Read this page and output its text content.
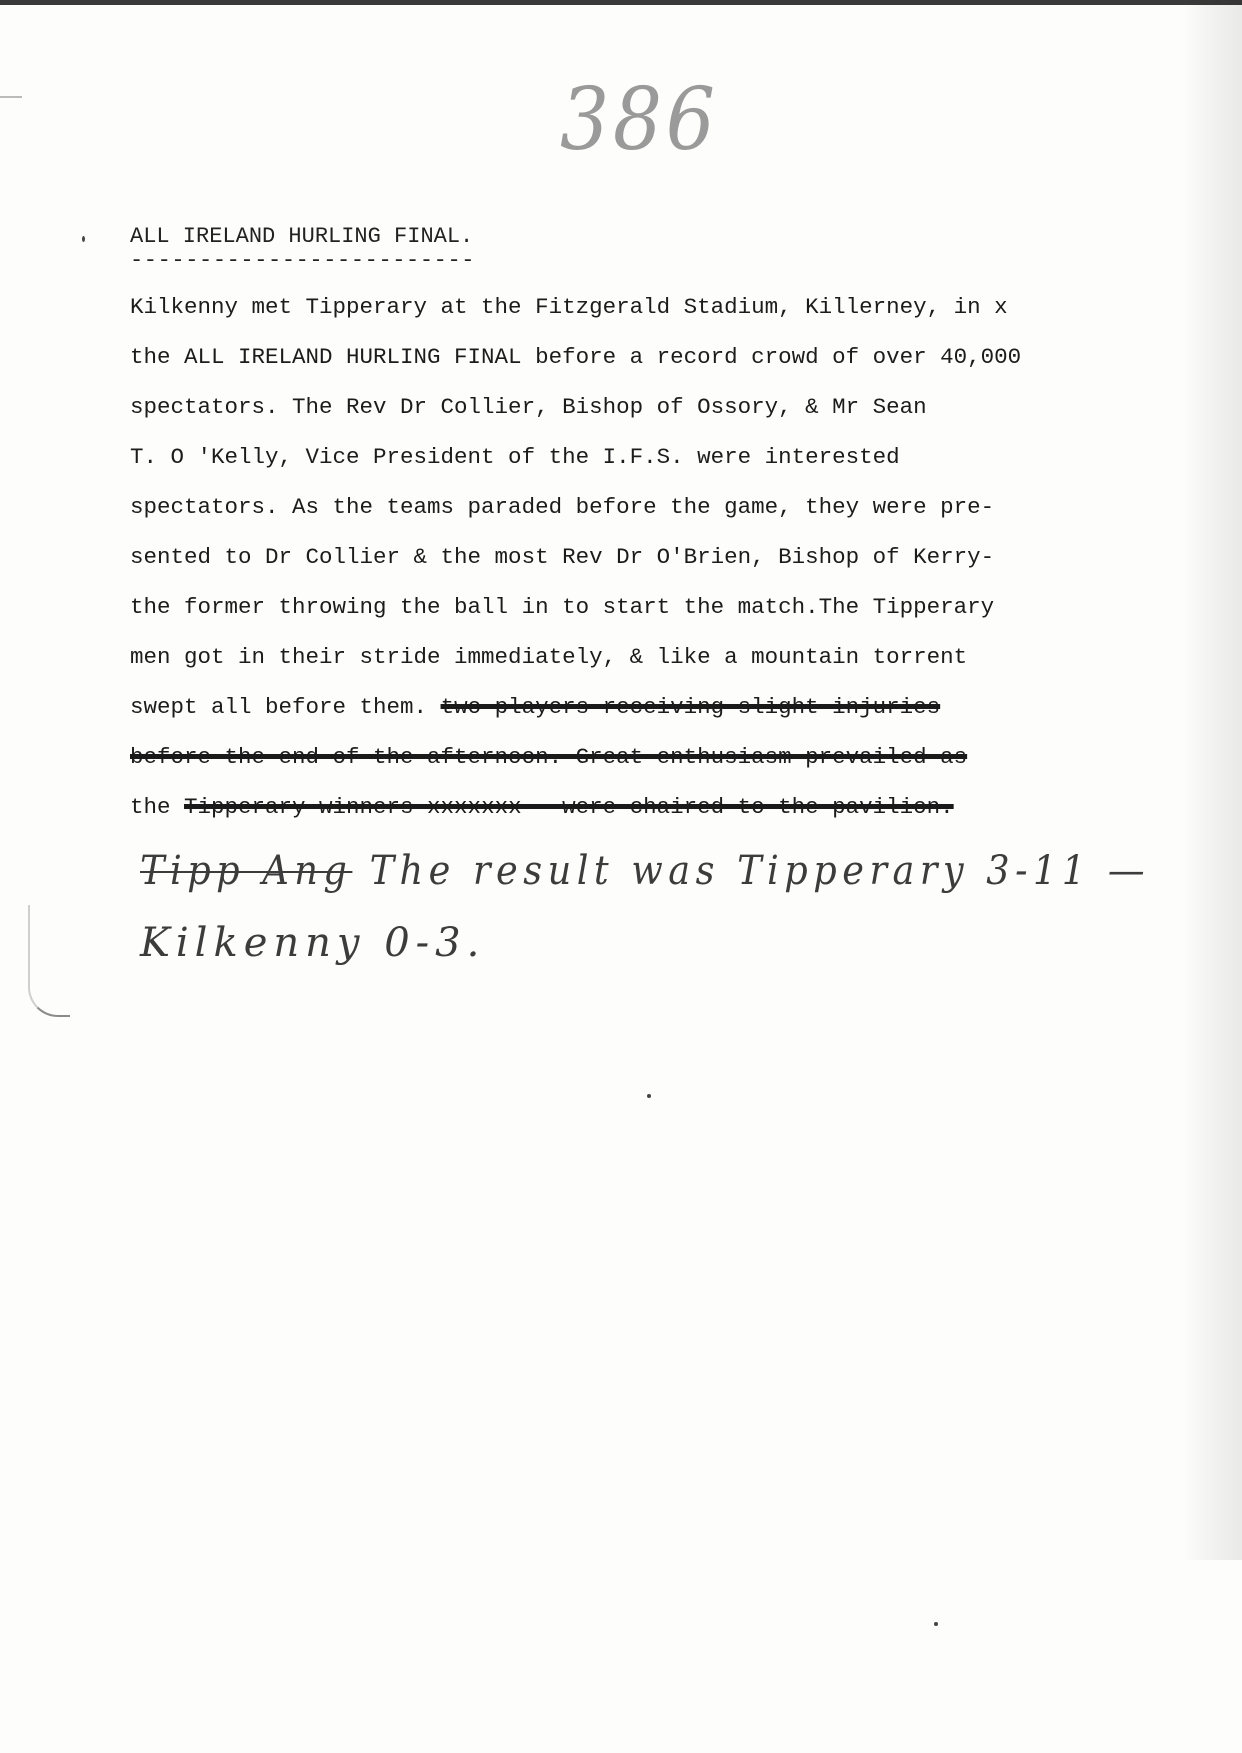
386
ALL IRELAND HURLING FINAL.
-------------------------
Kilkenny met Tipperary at the Fitzgerald Stadium, Killerney, in x
the ALL IRELAND HURLING FINAL before a record crowd of over 40,000
spectators. The Rev Dr Collier, Bishop of Ossory, & Mr Sean
T. O 'Kelly, Vice President of the I.F.S. were interested
spectators. As the teams paraded before the game, they were pre-
sented to Dr Collier & the most Rev Dr O'Brien, Bishop of Kerry-
the former throwing the ball in to start the match.The Tipperary
men got in their stride immediately, & like a mountain torrent
swept all before them. two players receiving slight injuries
before the end of the afternoon. Great enthusiasm prevailed as
the Tipperary winners xxxxxxx   were chaired to the pavilion.
Tipp Ang The result was Tipperary 3-11 —
Kilkenny 0-3.
